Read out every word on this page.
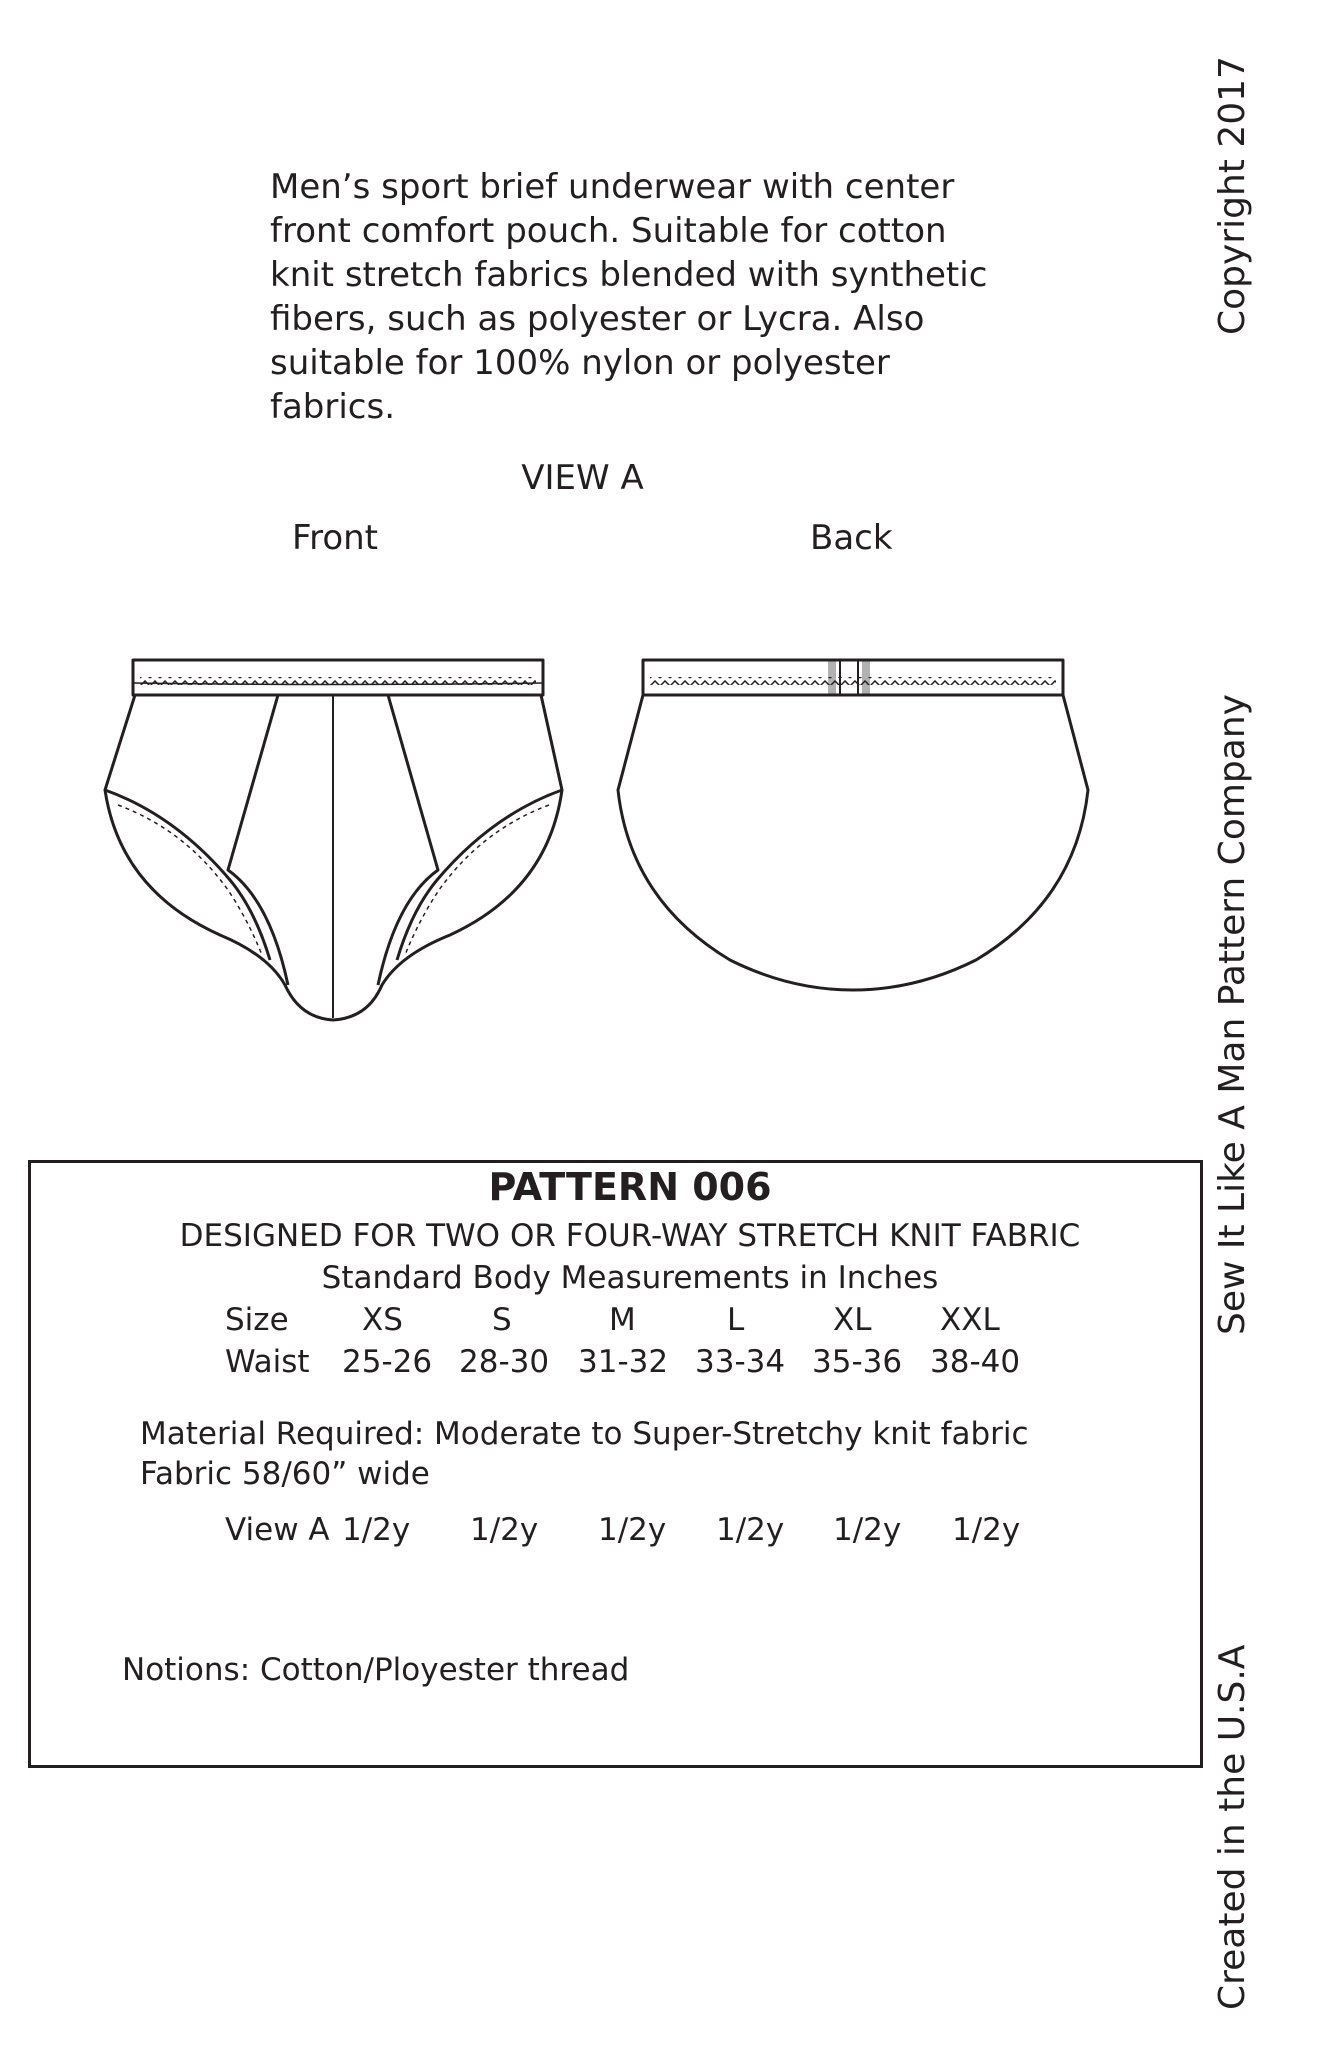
Men’s sport brief underwear with center
front comfort pouch. Suitable for cotton
knit stretch fabrics blended with synthetic
fibers, such as polyester or Lycra. Also
suitable for 100% nylon or polyester
fabrics.
VIEW A
Front	Back
Copyright 2017
Sew It Like A Man Pattern Company
Created in the U.S.A
PATTERN 006
DESIGNED FOR TWO OR FOUR-WAY STRETCH KNIT FABRIC
Standard Body Measurements in Inches
Size XS	S	M	L	XL XXL
Waist 25-26 28-30 31-32 33-34 35-36 38-40
Material Required: Moderate to Super-Stretchy knit fabric
Fabric 58/60” wide
View A 1/2y 1/2y 1/2y 1/2y 1/2y 1/2y
Notions: Cotton/Ployester thread
